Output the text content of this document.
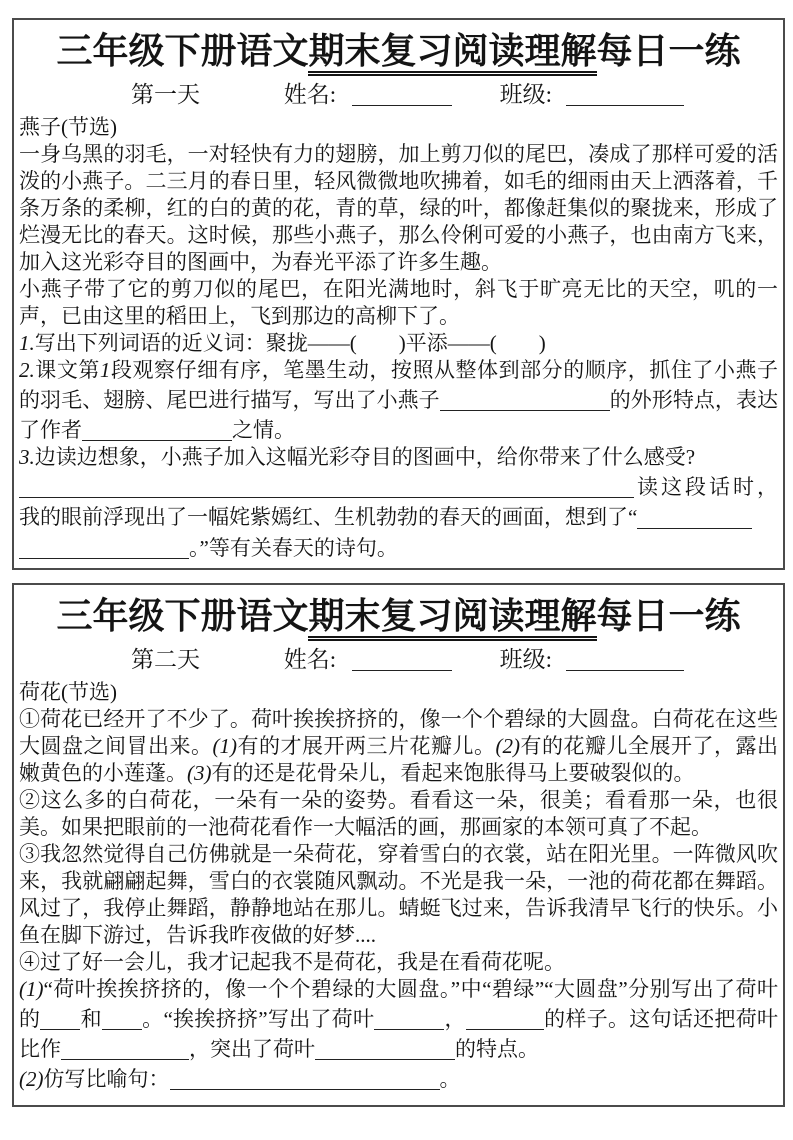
三年级下册语文期末复习阅读理解每日一练
第一天	姓名:	班级:
燕子(节选)
一身乌黑的羽毛，一对轻快有力的翅膀，加上剪刀似的尾巴，凑成了那样可爱的活泼的小燕子。二三月的春日里，轻风微微地吹拂着，如毛的细雨由天上洒落着，千条万条的柔柳，红的白的黄的花，青的草，绿的叶，都像赶集似的聚拢来，形成了烂漫无比的春天。这时候，那些小燕子，那么伶俐可爱的小燕子，也由南方飞来，加入这光彩夺目的图画中，为春光平添了许多生趣。
小燕子带了它的剪刀似的尾巴，在阳光满地时，斜飞于旷亮无比的天空，叽的一声，已由这里的稻田上，飞到那边的高柳下了。
1.写出下列词语的近义词：聚拢——(　　)平添——(　　)
2.课文第1段观察仔细有序，笔墨生动，按照从整体到部分的顺序，抓住了小燕子的羽毛、翅膀、尾巴进行描写，写出了小燕子	的外形特点，表达了作者	之情。
3.边读边想象，小燕子加入这幅光彩夺目的图画中，给你带来了什么感受?
读这段话时，我的眼前浮现出了一幅姹紫嫣红、生机勃勃的春天的画面，想到了“
。”等有关春天的诗句。
三年级下册语文期末复习阅读理解每日一练
第二天	姓名:	班级:
荷花(节选)
①荷花已经开了不少了。荷叶挨挨挤挤的，像一个个碧绿的大圆盘。白荷花在这些大圆盘之间冒出来。(1)有的才展开两三片花瓣儿。(2)有的花瓣儿全展开了，露出嫩黄色的小莲蓬。(3)有的还是花骨朵儿，看起来饱胀得马上要破裂似的。
②这么多的白荷花，一朵有一朵的姿势。看看这一朵，很美；看看那一朵，也很美。如果把眼前的一池荷花看作一大幅活的画，那画家的本领可真了不起。
③我忽然觉得自己仿佛就是一朵荷花，穿着雪白的衣裳，站在阳光里。一阵微风吹来，我就翩翩起舞，雪白的衣裳随风飘动。不光是我一朵，一池的荷花都在舞蹈。风过了，我停止舞蹈，静静地站在那儿。蜻蜓飞过来，告诉我清早飞行的快乐。小鱼在脚下游过，告诉我昨夜做的好梦....
④过了好一会儿，我才记起我不是荷花，我是在看荷花呢。
(1)“荷叶挨挨挤挤的，像一个个碧绿的大圆盘。”中“碧绿”“大圆盘”分别写出了荷叶的 和 。“挨挨挤挤”写出了荷叶	，	的样子。这句话还把荷叶比作	，突出了荷叶	的特点。
(2)仿写比喻句：	。
